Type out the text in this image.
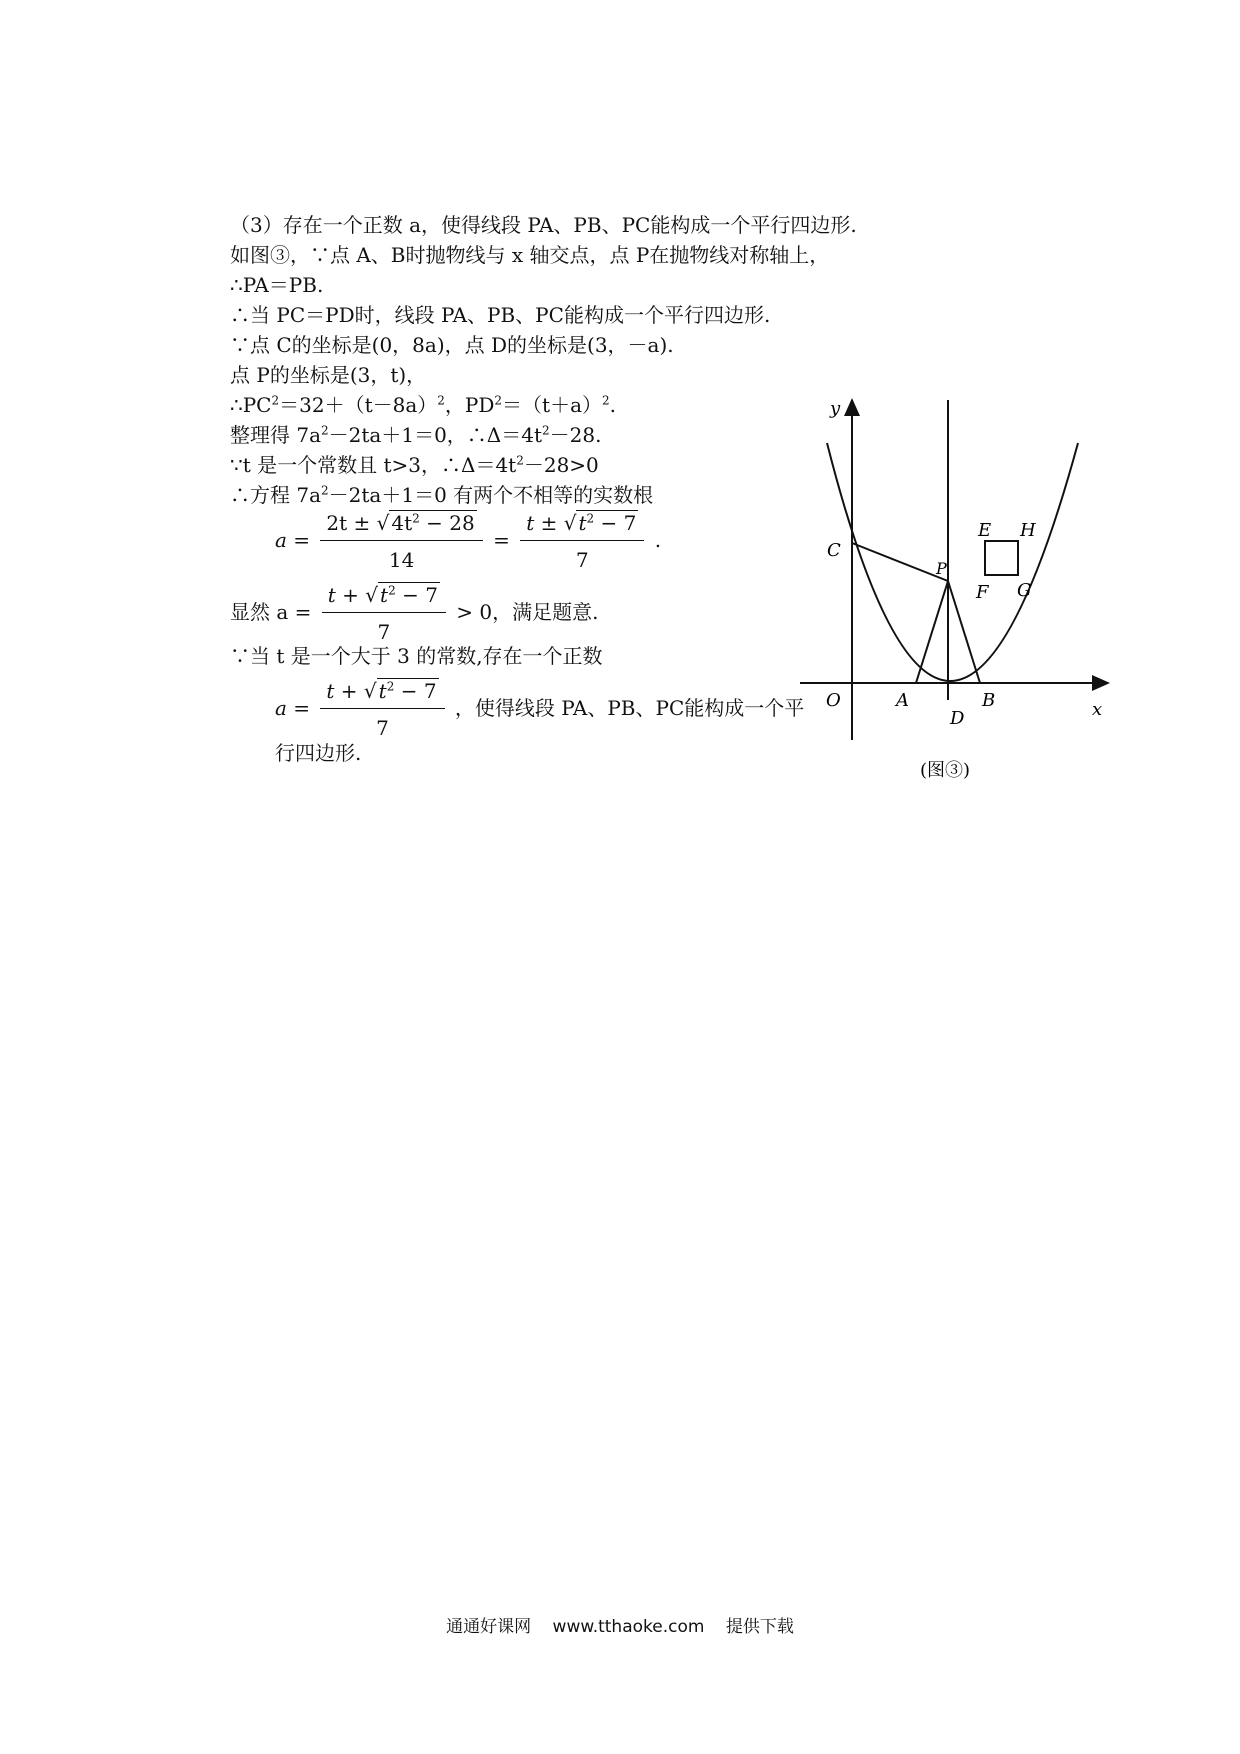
（3）存在一个正数 a，使得线段 PA、PB、PC能构成一个平行四边形.
如图③，∵点 A、B时抛物线与 x 轴交点，点 P在抛物线对称轴上，
∴PA＝PB.
∴当 PC＝PD时，线段 PA、PB、PC能构成一个平行四边形.
∵点 C的坐标是(0，8a)，点 D的坐标是(3，－a).
点 P的坐标是(3，t)，
$\therefore PC^2=32+(t-8a)^2$，$PD^2=(t+a)^2$.
整理得 $7a^2-2ta+1=0$，$\therefore\Delta=4t^2-28$.
∵t 是一个常数且 t>3，$\therefore\Delta=4t^2-28>0$
∴方程 $7a^2-2ta+1=0$ 有两个不相等的实数根
$a = \frac{2t \pm √ 4t^2 - 28}{14} = \frac{t \pm √ t^2 - 7}{7}$ .
显然 $a = \frac{t + √ t^2 - 7}{7} > 0$，满足题意.
∵当 t 是一个大于 3 的常数,存在一个正数
$a = \frac{t + √ t^2 - 7}{7}$ ，使得线段 PA、PB、PC能构成一个平
行四边形.
y
x
O	A	B
C
D
P
E H
F G
(图③)
通通好课网 www.tthaoke.com 提供下载
